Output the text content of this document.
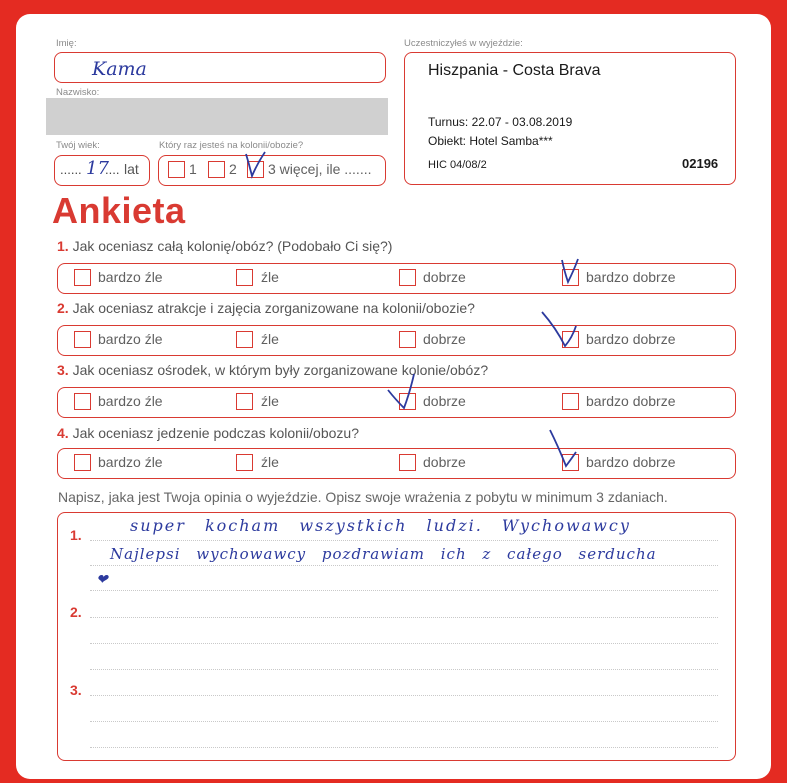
Imię:
Kama
Nazwisko:
Twój wiek:
...... 17
.... lat
Który raz jesteś na kolonii/obozie?
1 2 3 więcej, ile .......
Uczestniczyłeś w wyjeździe:
Hiszpania - Costa Brava
Turnus: 22.07 - 03.08.2019
Obiekt: Hotel Samba***
HIC 04/08/2	02196
Ankieta
1. Jak oceniasz całą kolonię/obóz? (Podobało Ci się?)
bardzo źle	źle	dobrze	bardzo dobrze
2. Jak oceniasz atrakcje i zajęcia zorganizowane na kolonii/obozie?
bardzo źle	źle	dobrze	bardzo dobrze
3. Jak oceniasz ośrodek, w którym były zorganizowane kolonie/obóz?
bardzo źle	źle	dobrze	bardzo dobrze
4. Jak oceniasz jedzenie podczas kolonii/obozu?
bardzo źle	źle	dobrze	bardzo dobrze
Napisz, jaka jest Twoja opinia o wyjeździe. Opisz swoje wrażenia z pobytu w minimum 3 zdaniach.
1.
2.
3.
super kocham wszystkich ludzi. Wychowawcy
Najlepsi wychowawcy pozdrawiam ich z całego serducha
❤
